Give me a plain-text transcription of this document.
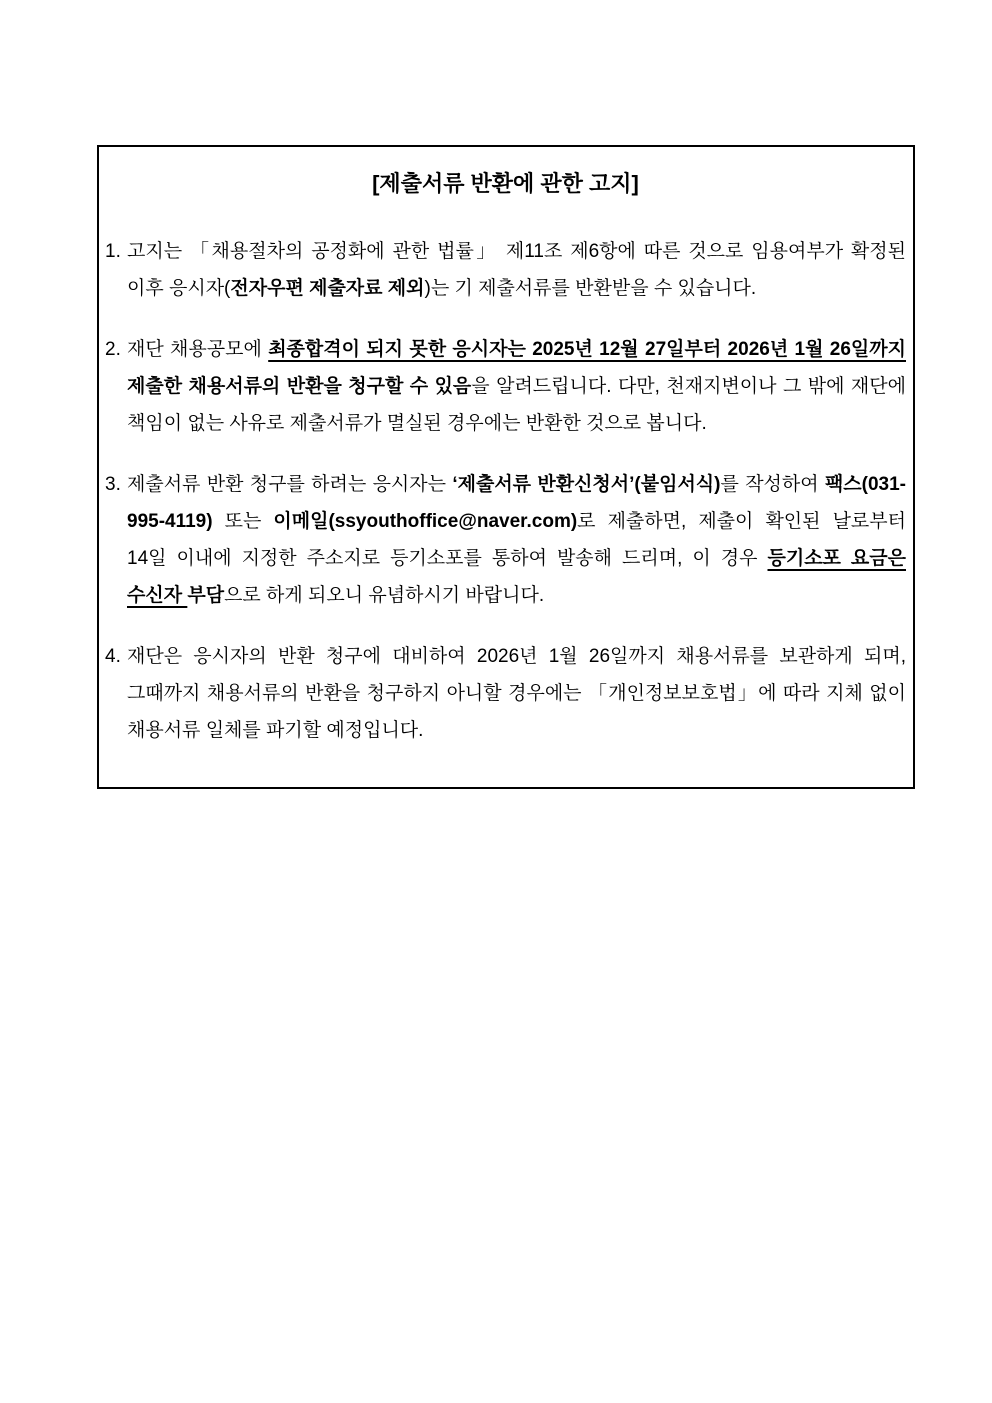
[제출서류 반환에 관한 고지]
1. 고지는 「채용절차의 공정화에 관한 법률」 제11조 제6항에 따른 것으로 임용여부가 확정된 이후 응시자(전자우편 제출자료 제외)는 기 제출서류를 반환받을 수 있습니다.
2. 재단 채용공모에 최종합격이 되지 못한 응시자는 2025년 12월 27일부터 2026년 1월 26일까지 제출한 채용서류의 반환을 청구할 수 있음을 알려드립니다. 다만, 천재지변이나 그 밖에 재단에 책임이 없는 사유로 제출서류가 멸실된 경우에는 반환한 것으로 봅니다.
3. 제출서류 반환 청구를 하려는 응시자는 ‘제출서류 반환신청서’(붙임서식)를 작성하여 팩스(031-995-4119) 또는 이메일(ssyouthoffice@naver.com)로 제출하면, 제출이 확인된 날로부터 14일 이내에 지정한 주소지로 등기소포를 통하여 발송해 드리며, 이 경우 등기소포 요금은 수신자 부담으로 하게 되오니 유념하시기 바랍니다.
4. 재단은 응시자의 반환 청구에 대비하여 2026년 1월 26일까지 채용서류를 보관하게 되며, 그때까지 채용서류의 반환을 청구하지 아니할 경우에는 「개인정보보호법」에 따라 지체 없이 채용서류 일체를 파기할 예정입니다.
